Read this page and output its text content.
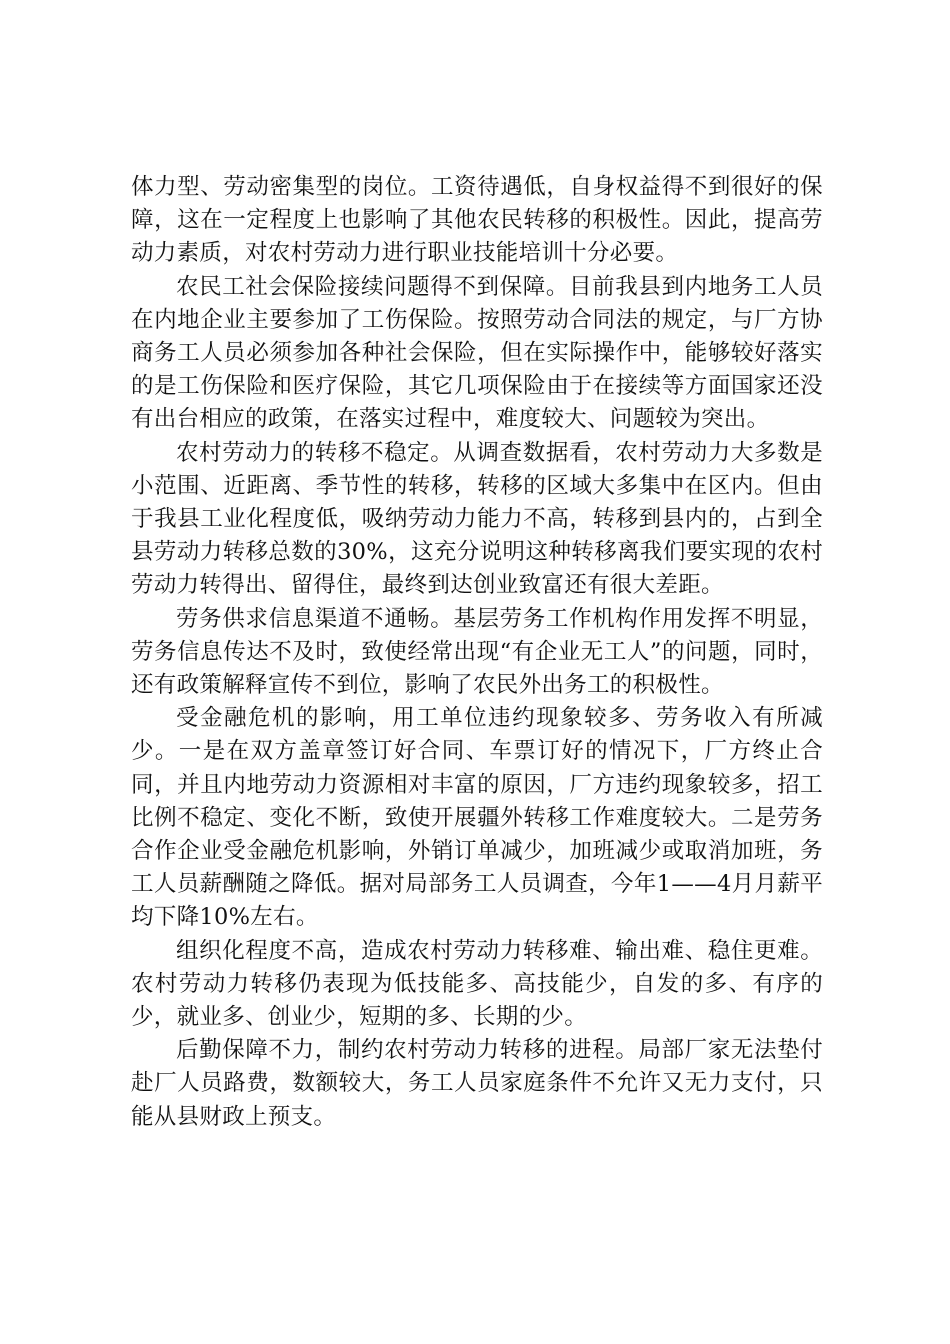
体力型、劳动密集型的岗位。工资待遇低，自身权益得不到很好的保障，这在一定程度上也影响了其他农民转移的积极性。因此，提高劳动力素质，对农村劳动力进行职业技能培训十分必要。

农民工社会保险接续问题得不到保障。目前我县到内地务工人员在内地企业主要参加了工伤保险。按照劳动合同法的规定，与厂方协商务工人员必须参加各种社会保险，但在实际操作中，能够较好落实的是工伤保险和医疗保险，其它几项保险由于在接续等方面国家还没有出台相应的政策，在落实过程中，难度较大、问题较为突出。

农村劳动力的转移不稳定。从调查数据看，农村劳动力大多数是小范围、近距离、季节性的转移，转移的区域大多集中在区内。但由于我县工业化程度低，吸纳劳动力能力不高，转移到县内的，占到全县劳动力转移总数的30%，这充分说明这种转移离我们要实现的农村劳动力转得出、留得住，最终到达创业致富还有很大差距。

劳务供求信息渠道不通畅。基层劳务工作机构作用发挥不明显，劳务信息传达不及时，致使经常出现“有企业无工人”的问题，同时，还有政策解释宣传不到位，影响了农民外出务工的积极性。

受金融危机的影响，用工单位违约现象较多、劳务收入有所减少。一是在双方盖章签订好合同、车票订好的情况下，厂方终止合同，并且内地劳动力资源相对丰富的原因，厂方违约现象较多，招工比例不稳定、变化不断，致使开展疆外转移工作难度较大。二是劳务合作企业受金融危机影响，外销订单减少，加班减少或取消加班，务工人员薪酬随之降低。据对局部务工人员调查，今年1——4月月薪平均下降10%左右。

组织化程度不高，造成农村劳动力转移难、输出难、稳住更难。农村劳动力转移仍表现为低技能多、高技能少，自发的多、有序的少，就业多、创业少，短期的多、长期的少。

后勤保障不力，制约农村劳动力转移的进程。局部厂家无法垫付赴厂人员路费，数额较大，务工人员家庭条件不允许又无力支付，只能从县财政上预支。
